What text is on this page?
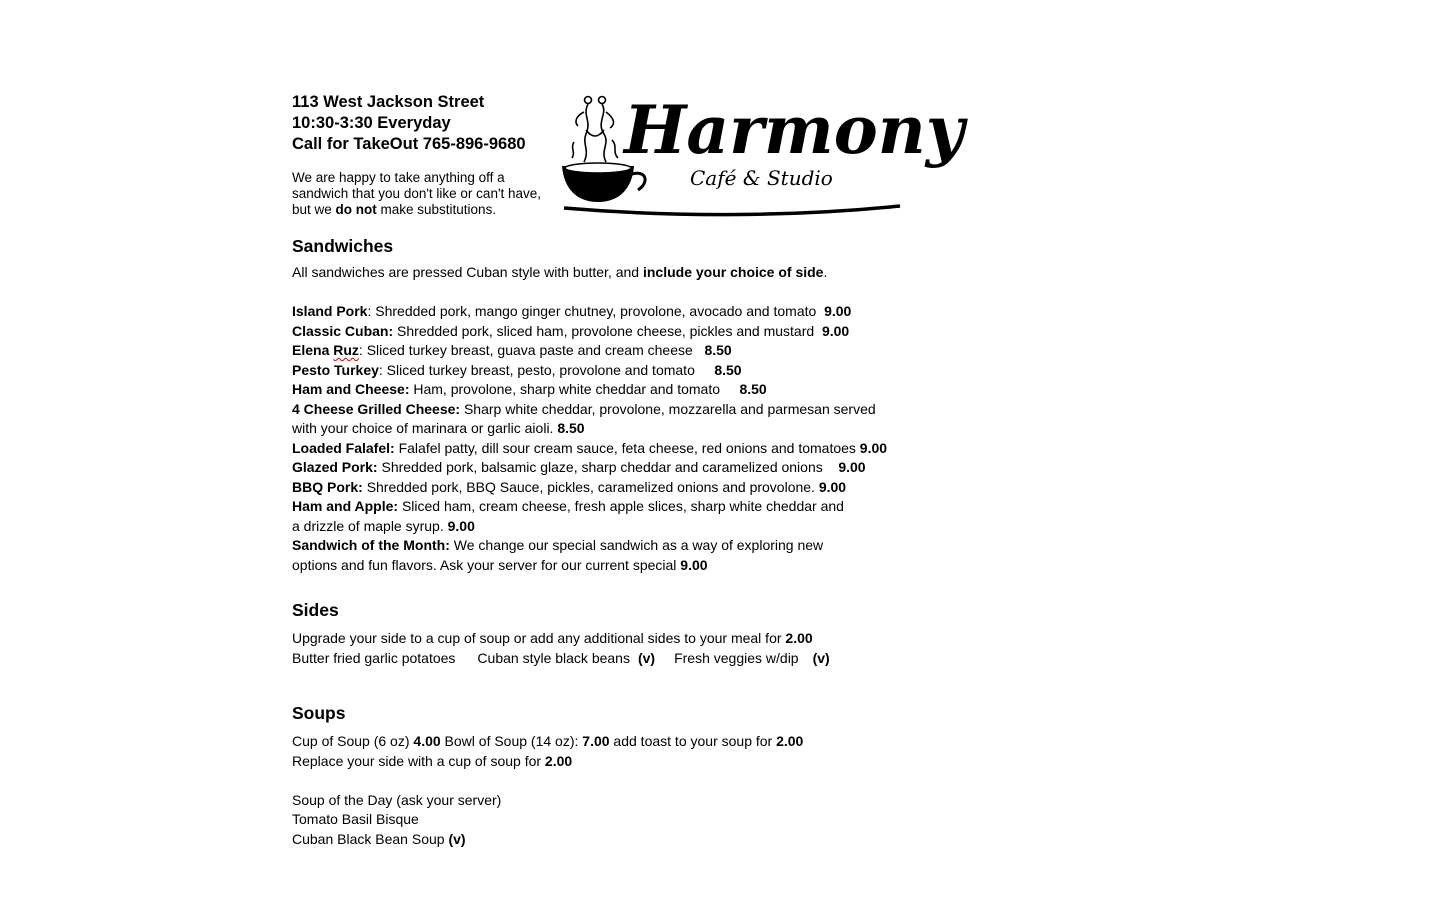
113 West Jackson Street
10:30-3:30 Everyday
Call for TakeOut 765-896-9680
We are happy to take anything off a sandwich that you don't like or can't have, but we do not make substitutions.
Harmony
Café & Studio
Sandwiches
All sandwiches are pressed Cuban style with butter, and include your choice of side.
Island Pork: Shredded pork, mango ginger chutney, provolone, avocado and tomato  9.00
Classic Cuban: Shredded pork, sliced ham, provolone cheese, pickles and mustard  9.00
Elena Ruz: Sliced turkey breast, guava paste and cream cheese   8.50
Pesto Turkey: Sliced turkey breast, pesto, provolone and tomato     8.50
Ham and Cheese: Ham, provolone, sharp white cheddar and tomato     8.50
4 Cheese Grilled Cheese: Sharp white cheddar, provolone, mozzarella and parmesan served with your choice of marinara or garlic aioli. 8.50
Loaded Falafel: Falafel patty, dill sour cream sauce, feta cheese, red onions and tomatoes 9.00
Glazed Pork: Shredded pork, balsamic glaze, sharp cheddar and caramelized onions    9.00
BBQ Pork: Shredded pork, BBQ Sauce, pickles, caramelized onions and provolone. 9.00
Ham and Apple: Sliced ham, cream cheese, fresh apple slices, sharp white cheddar and a drizzle of maple syrup. 9.00
Sandwich of the Month: We change our special sandwich as a way of exploring new options and fun flavors. Ask your server for our current special 9.00
Sides
Upgrade your side to a cup of soup or add any additional sides to your meal for 2.00
Butter fried garlic potatoes Cuban style black beans (v) Fresh veggies w/dip (v)
Soups
Cup of Soup (6 oz) 4.00 Bowl of Soup (14 oz): 7.00 add toast to your soup for 2.00
Replace your side with a cup of soup for 2.00
Soup of the Day (ask your server)
Tomato Basil Bisque
Cuban Black Bean Soup (v)
